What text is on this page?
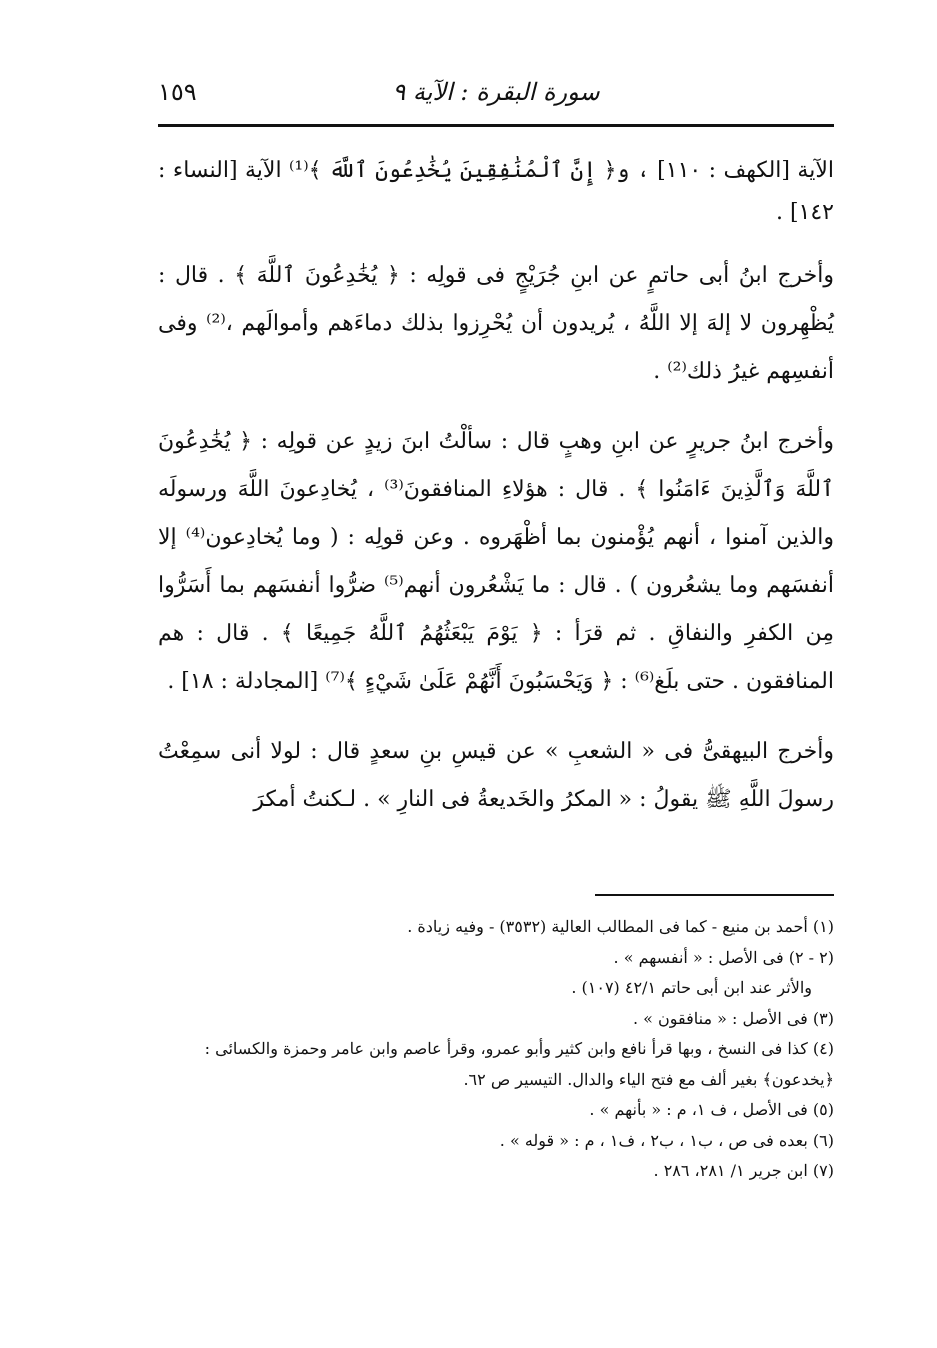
١٥٩	سورة البقرة : الآية ٩

الآية [الكهف : ١١٠] ، و﴿ إِنَّ ٱلْمُنَٰفِقِينَ يُخَٰدِعُونَ ٱللَّهَ ﴾⁽¹⁾ الآية [النساء : ١٤٢] .

وأخرج ابنُ أبى حاتمٍ عن ابنِ جُرَيْجٍ فى قولِه : ﴿ يُخَٰدِعُونَ ٱللَّهَ ﴾ . قال : يُظْهِرون لا إلهَ إلا اللَّهُ ، يُريدون أن يُحْرِزوا بذلك دماءَهم وأموالَهم ،⁽²⁾ وفى أنفسِهم غيرُ ذلك⁽²⁾ .

وأخرج ابنُ جريرٍ عن ابنِ وهبٍ قال : سألْتُ ابنَ زيدٍ عن قولِه : ﴿ يُخَٰدِعُونَ ٱللَّهَ وَٱلَّذِينَ ءَامَنُوا ﴾ . قال : هؤلاءِ المنافقونَ⁽³⁾ ، يُخادِعونَ اللَّهَ ورسولَه والذين آمنوا ، أنهم يُؤْمنون بما أظْهَروه . وعن قولِه : ( وما يُخادِعون⁽⁴⁾ إلا أنفسَهم وما يشعُرون ) . قال : ما يَشْعُرون أنهم⁽⁵⁾ ضرُّوا أنفسَهم بما أَسَرُّوا مِن الكفرِ والنفاقِ . ثم قرَأ : ﴿ يَوْمَ يَبْعَثُهُمُ ٱللَّهُ جَمِيعًا ﴾ . قال : هم المنافقون . حتى بلَغ⁽⁶⁾ : ﴿ وَيَحْسَبُونَ أَنَّهُمْ عَلَىٰ شَيْءٍ ﴾⁽⁷⁾ [المجادلة : ١٨] .

وأخرج البيهقىُّ فى « الشعبِ » عن قيسِ بنِ سعدٍ قال : لولا أنى سمِعْتُ رسولَ اللَّهِ ﷺ يقولُ : « المكرُ والخَديعةُ فى النارِ » . لـكنتُ أمكرَ

(١) أحمد بن منيع - كما فى المطالب العالية (٣٥٣٢) - وفيه زيادة .

(٢ - ٢) فى الأصل : « أنفسهم » .

والأثر عند ابن أبى حاتم ٤٢/١ (١٠٧) .

(٣) فى الأصل : « منافقون » .

(٤) كذا فى النسخ ، وبها قرأ نافع وابن كثير وأبو عمرو، وقرأ عاصم وابن عامر وحمزة والكسائى :

﴿يخدعون﴾ بغير ألف مع فتح الياء والدال. التيسير ص ٦٢.

(٥) فى الأصل ، ف ١، م : « بأنهم » .

(٦) بعده فى ص ، ب١ ، ب٢ ، ف١ ، م : « قوله » .

(٧) ابن جرير ١/ ٢٨١، ٢٨٦ .
